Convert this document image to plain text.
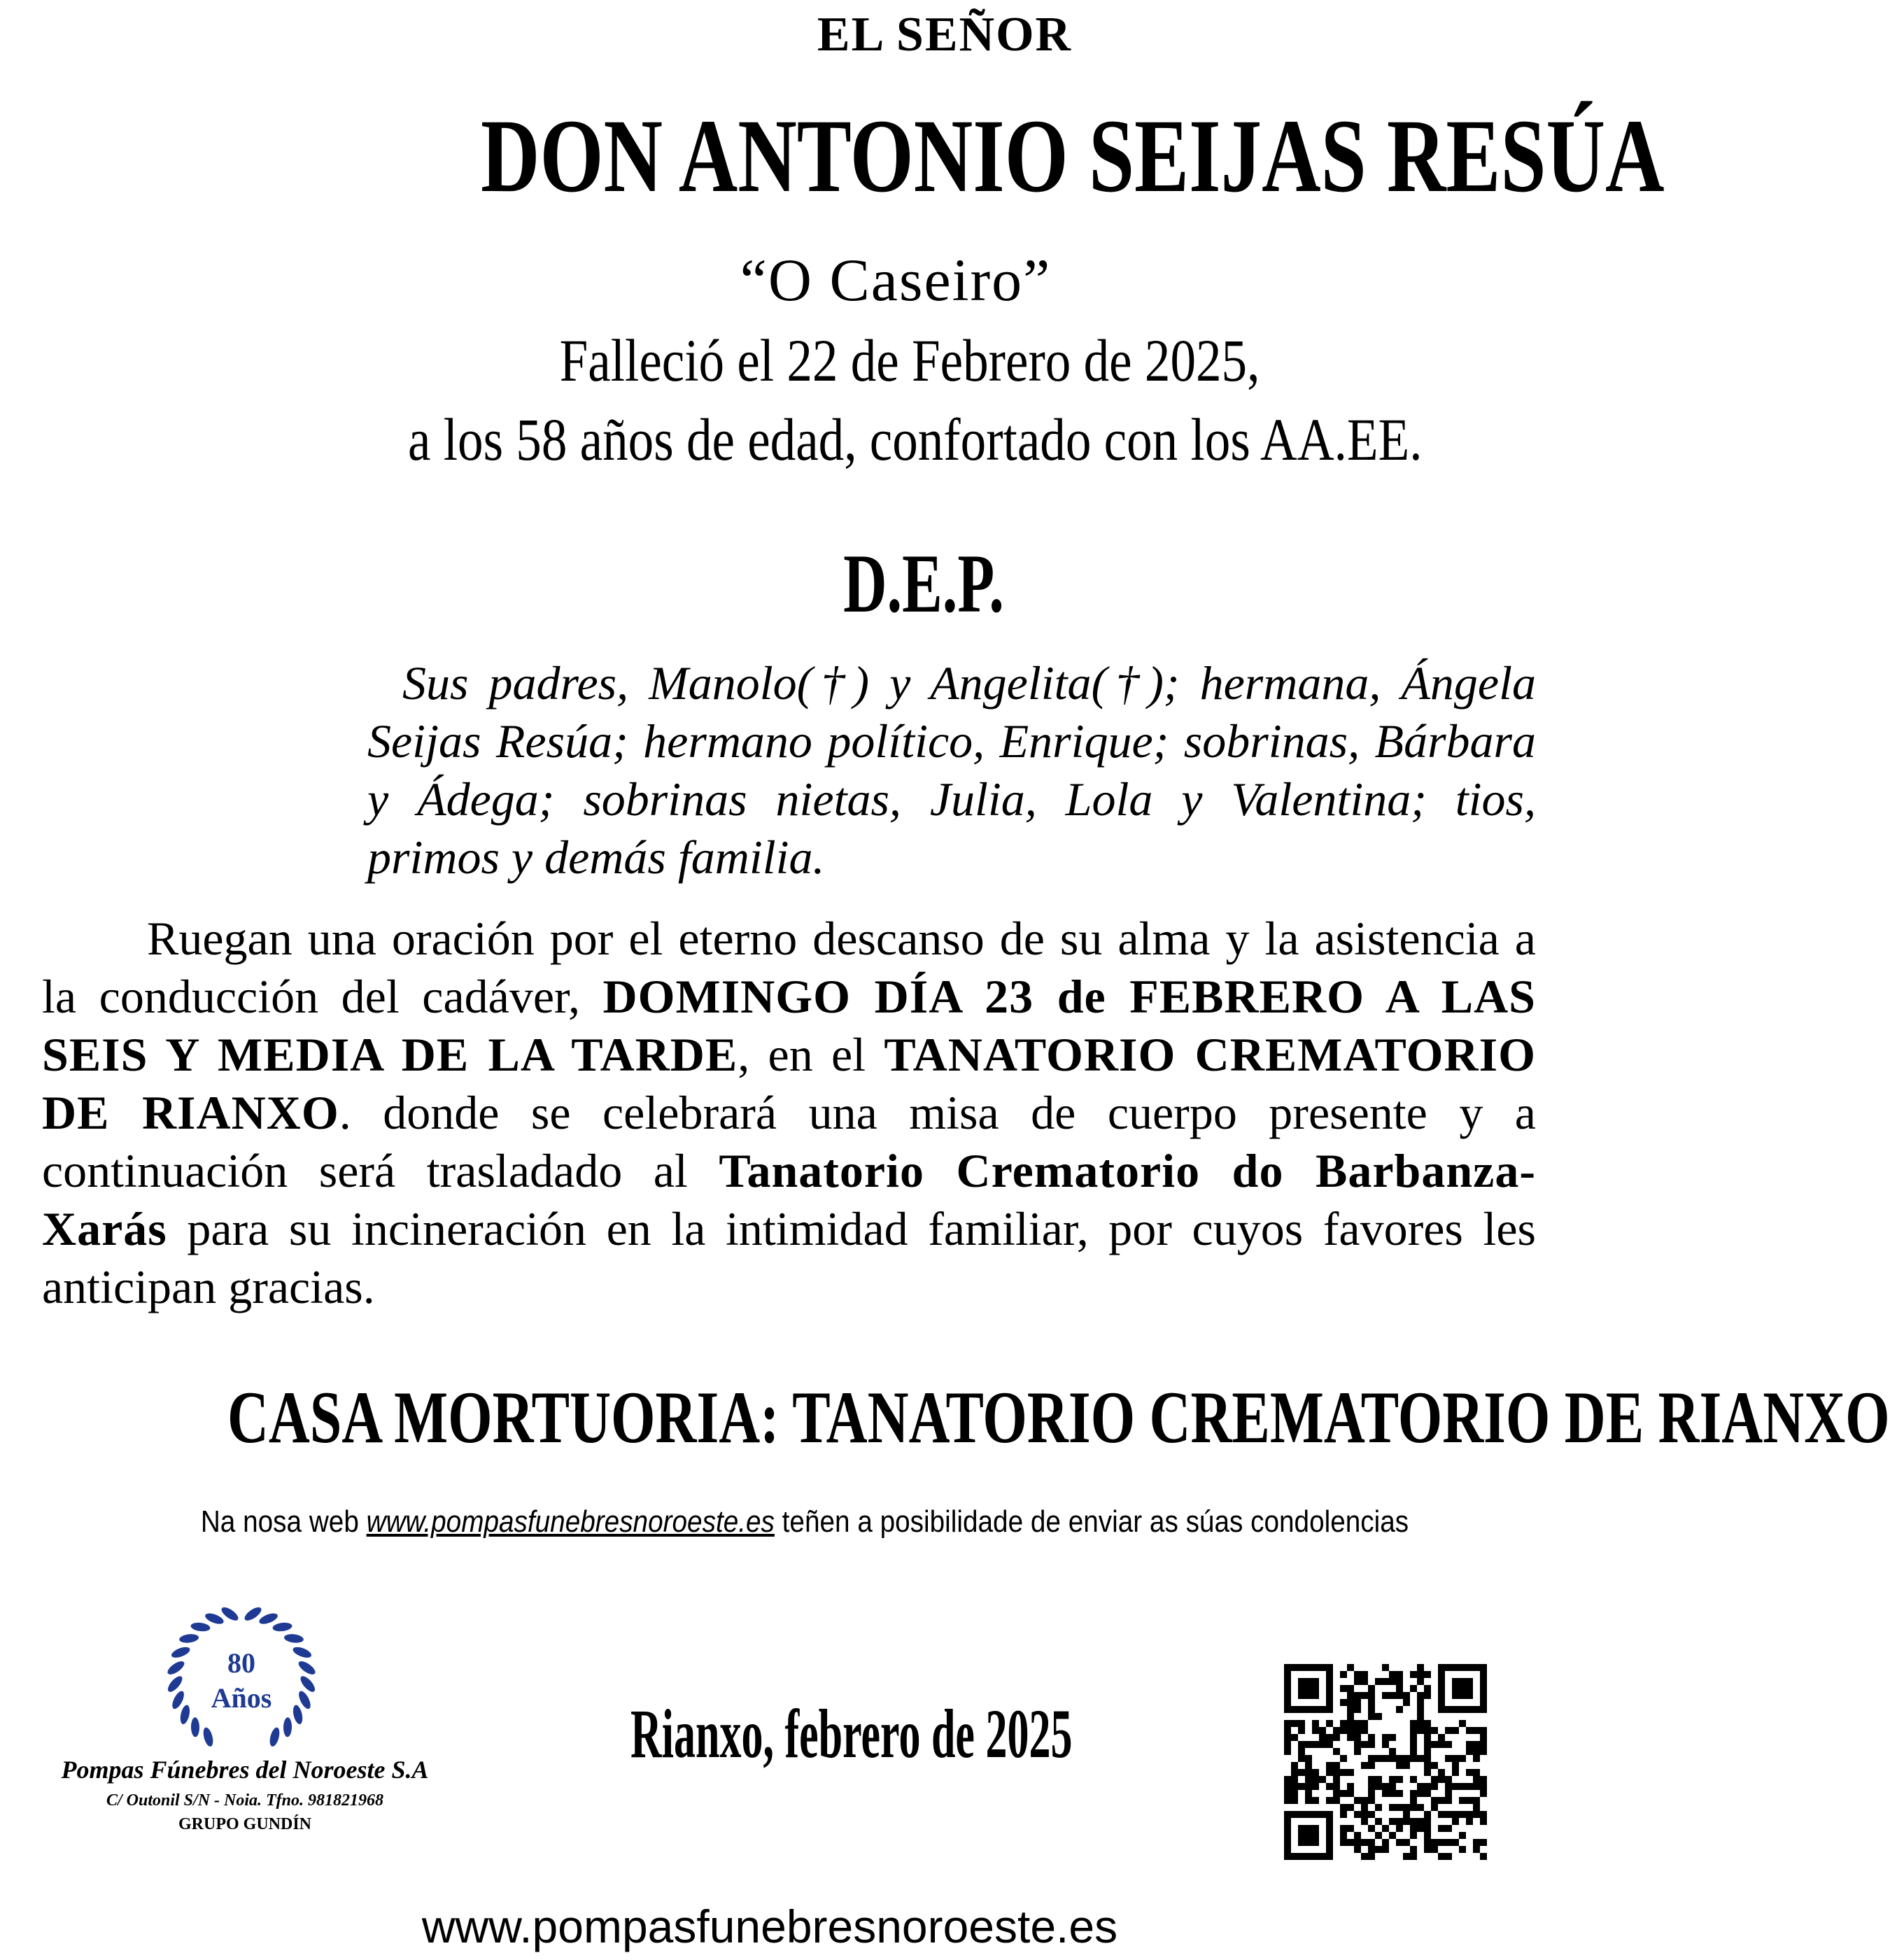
EL SEÑOR
DON ANTONIO SEIJAS RESÚA
“O Caseiro”
Falleció el 22 de Febrero de 2025,
a los 58 años de edad, confortado con los AA.EE.
D.E.P.
Sus padres, Manolo(†) y Angelita(†); hermana, Ángela Seijas Resúa; hermano político, Enrique; sobrinas, Bárbara y Ádega; sobrinas nietas, Julia, Lola y Valentina; tios, primos y demás familia.
Ruegan una oración por el eterno descanso de su alma y la asistencia a la conducción del cadáver, DOMINGO DÍA 23 de FEBRERO A LAS SEIS Y MEDIA DE LA TARDE, en el TANATORIO CREMATORIO DE RIANXO. donde se celebrará una misa de cuerpo presente y a continuación será trasladado al Tanatorio Crematorio do Barbanza- Xarás para su incineración en la intimidad familiar, por cuyos favores les anticipan gracias.
CASA MORTUORIA: TANATORIO CREMATORIO DE RIANXO
Na nosa web www.pompasfunebresnoroeste.es teñen a posibilidade de enviar as súas condolencias
80
Años
Pompas Fúnebres del Noroeste S.A
C/ Outonil S/N - Noia. Tfno. 981821968
GRUPO GUNDÍN
Rianxo, febrero de 2025
www.pompasfunebresnoroeste.es
